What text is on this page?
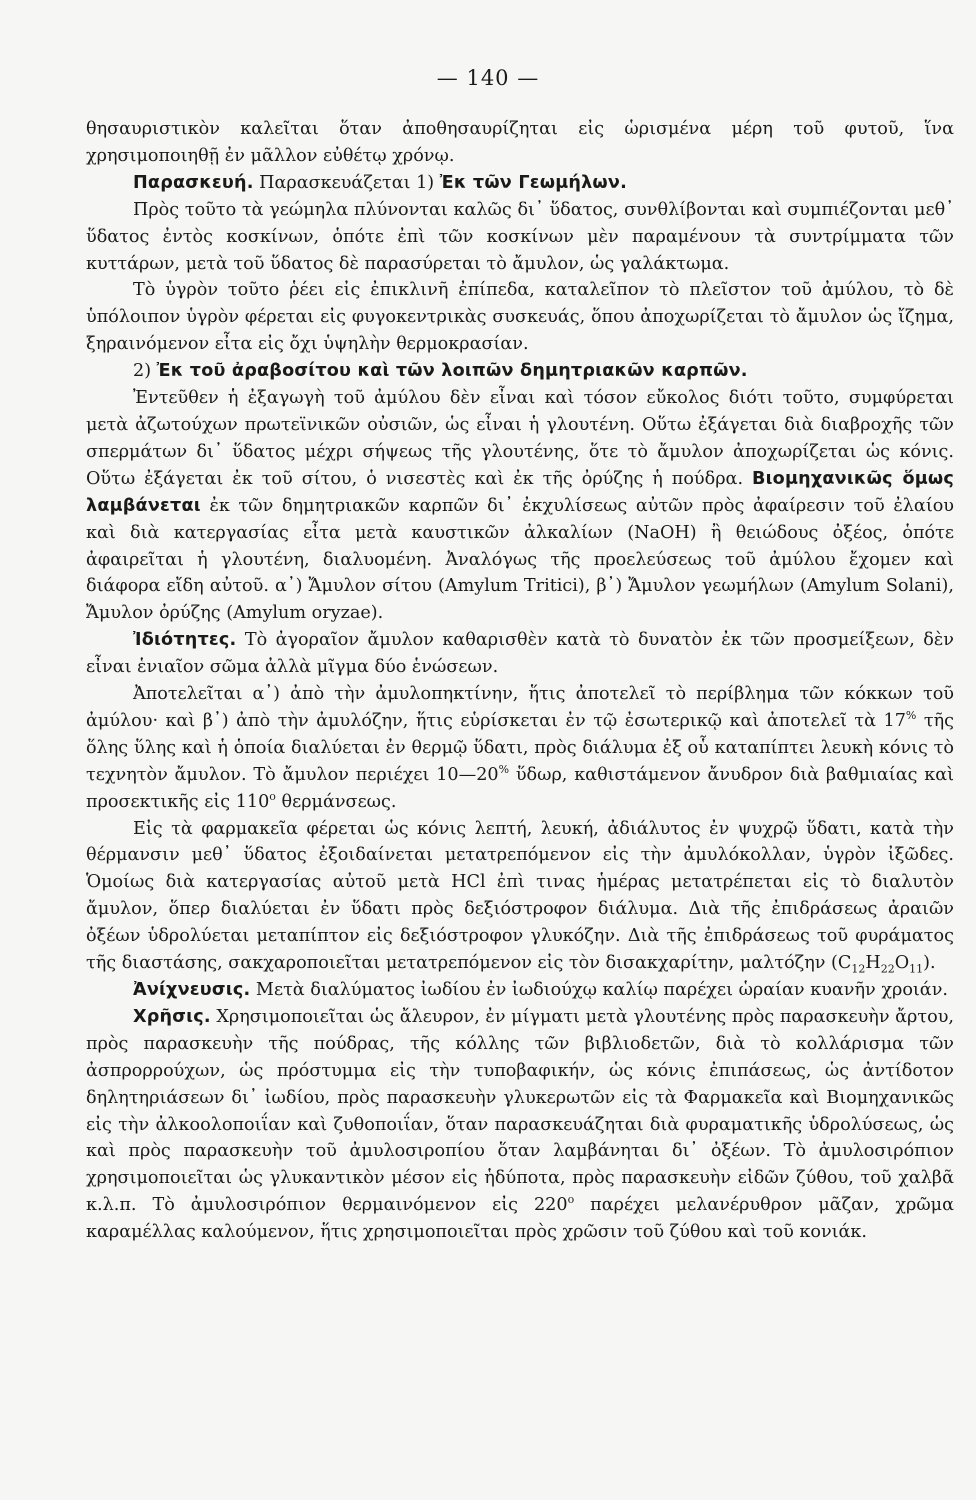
— 140 —

θησαυριστικὸν καλεῖται ὅταν ἀποθησαυρίζηται εἰς ὡρισμένα μέρη τοῦ φυτοῦ, ἵνα χρησιμοποιηθῇ ἐν μᾶλλον εὐθέτῳ χρόνῳ.

Παρασκευή. Παρασκευάζεται 1) Ἐκ τῶν Γεωμήλων.

Πρὸς τοῦτο τὰ γεώμηλα πλύνονται καλῶς δι᾿ ὕδατος, συνθλίβονται καὶ συμπιέζονται μεθ᾿ ὕδατος ἐντὸς κοσκίνων, ὁπότε ἐπὶ τῶν κοσκίνων μὲν παραμένουν τὰ συντρίμματα τῶν κυττάρων, μετὰ τοῦ ὕδατος δὲ παρασύρεται τὸ ἄμυλον, ὡς γαλάκτωμα.

Τὸ ὑγρὸν τοῦτο ῥέει εἰς ἐπικλινῆ ἐπίπεδα, καταλεῖπον τὸ πλεῖστον τοῦ ἀμύλου, τὸ δὲ ὑπόλοιπον ὑγρὸν φέρεται εἰς φυγοκεντρικὰς συσκευάς, ὅπου ἀποχωρίζεται τὸ ἄμυλον ὡς ἴζημα, ξηραινόμενον εἶτα εἰς ὄχι ὑψηλὴν θερμοκρασίαν.

2) Ἐκ τοῦ ἀραβοσίτου καὶ τῶν λοιπῶν δημητριακῶν καρπῶν.

Ἐντεῦθεν ἡ ἐξαγωγὴ τοῦ ἀμύλου δὲν εἶναι καὶ τόσον εὔκολος διότι τοῦτο, συμφύρεται μετὰ ἀζωτούχων πρωτεϊνικῶν οὐσιῶν, ὡς εἶναι ἡ γλουτένη. Οὕτω ἐξάγεται διὰ διαβροχῆς τῶν σπερμάτων δι᾿ ὕδατος μέχρι σήψεως τῆς γλουτένης, ὅτε τὸ ἄμυλον ἀποχωρίζεται ὡς κόνις. Οὕτω ἐξάγεται ἐκ τοῦ σίτου, ὁ νισεστὲς καὶ ἐκ τῆς ὀρύζης ἡ πούδρα. Βιομηχανικῶς ὅμως λαμβάνεται ἐκ τῶν δημητριακῶν καρπῶν δι᾿ ἐκχυλίσεως αὐτῶν πρὸς ἀφαίρεσιν τοῦ ἐλαίου καὶ διὰ κατεργασίας εἶτα μετὰ καυστικῶν ἀλκαλίων (NaOH) ἢ θειώδους ὀξέος, ὁπότε ἀφαιρεῖται ἡ γλουτένη, διαλυομένη. Ἀναλόγως τῆς προελεύσεως τοῦ ἀμύλου ἔχομεν καὶ διάφορα εἴδη αὐτοῦ. α᾿) Ἄμυλον σίτου (Amylum Tritici), β᾿) Ἄμυλον γεωμήλων (Amylum Solani), Ἄμυλον ὀρύζης (Amylum oryzae).

Ἰδιότητες. Τὸ ἀγοραῖον ἄμυλον καθαρισθὲν κατὰ τὸ δυνατὸν ἐκ τῶν προσμείξεων, δὲν εἶναι ἑνιαῖον σῶμα ἀλλὰ μῖγμα δύο ἑνώσεων.

Ἀποτελεῖται α᾿) ἀπὸ τὴν ἀμυλοπηκτίνην, ἥτις ἀποτελεῖ τὸ περίβλημα τῶν κόκκων τοῦ ἀμύλου· καὶ β᾿) ἀπὸ τὴν ἀμυλόζην, ἥτις εὑρίσκεται ἐν τῷ ἐσωτερικῷ καὶ ἀποτελεῖ τὰ 17% τῆς ὅλης ὕλης καὶ ἡ ὁποία διαλύεται ἐν θερμῷ ὕδατι, πρὸς διάλυμα ἐξ οὗ καταπίπτει λευκὴ κόνις τὸ τεχνητὸν ἄμυλον. Τὸ ἄμυλον περιέχει 10—20% ὕδωρ, καθιστάμενον ἄνυδρον διὰ βαθμιαίας καὶ προσεκτικῆς εἰς 110$^o$ θερμάνσεως.

Εἰς τὰ φαρμακεῖα φέρεται ὡς κόνις λεπτή, λευκή, ἀδιάλυτος ἐν ψυχρῷ ὕδατι, κατὰ τὴν θέρμανσιν μεθ᾿ ὕδατος ἐξοιδαίνεται μετατρεπόμενον εἰς τὴν ἀμυλόκολλαν, ὑγρὸν ἰξῶδες. Ὁμοίως διὰ κατεργασίας αὐτοῦ μετὰ HCl ἐπὶ τινας ἡμέρας μετατρέπεται εἰς τὸ διαλυτὸν ἄμυλον, ὅπερ διαλύεται ἐν ὕδατι πρὸς δεξιόστροφον διάλυμα. Διὰ τῆς ἐπιδράσεως ἀραιῶν ὀξέων ὑδρολύεται μεταπίπτον εἰς δεξιόστροφον γλυκόζην. Διὰ τῆς ἐπιδράσεως τοῦ φυράματος τῆς διαστάσης, σακχαροποιεῖται μετατρεπόμενον εἰς τὸν δισακχαρίτην, μαλτόζην $(C_{12}H_{22}O_{11})$.

Ἀνίχνευσις. Μετὰ διαλύματος ἰωδίου ἐν ἰωδιούχῳ καλίῳ παρέχει ὡραίαν κυανῆν χροιάν.

Χρῆσις. Χρησιμοποιεῖται ὡς ἄλευρον, ἐν μίγματι μετὰ γλουτένης πρὸς παρασκευὴν ἄρτου, πρὸς παρασκευὴν τῆς πούδρας, τῆς κόλλης τῶν βιβλιοδετῶν, διὰ τὸ κολλάρισμα τῶν ἀσπρορρούχων, ὡς πρόστυμμα εἰς τὴν τυποβαφικήν, ὡς κόνις ἐπιπάσεως, ὡς ἀντίδοτον δηλητηριάσεων δι᾿ ἰωδίου, πρὸς παρασκευὴν γλυκερωτῶν εἰς τὰ Φαρμακεῖα καὶ Βιομηχανικῶς εἰς τὴν ἀλκοολοποιΐαν καὶ ζυθοποιΐαν, ὅταν παρασκευάζηται διὰ φυραματικῆς ὑδρολύσεως, ὡς καὶ πρὸς παρασκευὴν τοῦ ἀμυλοσιροπίου ὅταν λαμβάνηται δι᾿ ὀξέων. Τὸ ἀμυλοσιρόπιον χρησιμοποιεῖται ὡς γλυκαντικὸν μέσον εἰς ἡδύποτα, πρὸς παρασκευὴν εἰδῶν ζύθου, τοῦ χαλβᾶ κ.λ.π. Τὸ ἀμυλοσιρόπιον θερμαινόμενον εἰς 220$^o$ παρέχει μελανέρυθρον μᾶζαν, χρῶμα καραμέλλας καλούμενον, ἥτις χρησιμοποιεῖται πρὸς χρῶσιν τοῦ ζύθου καὶ τοῦ κονιάκ.
